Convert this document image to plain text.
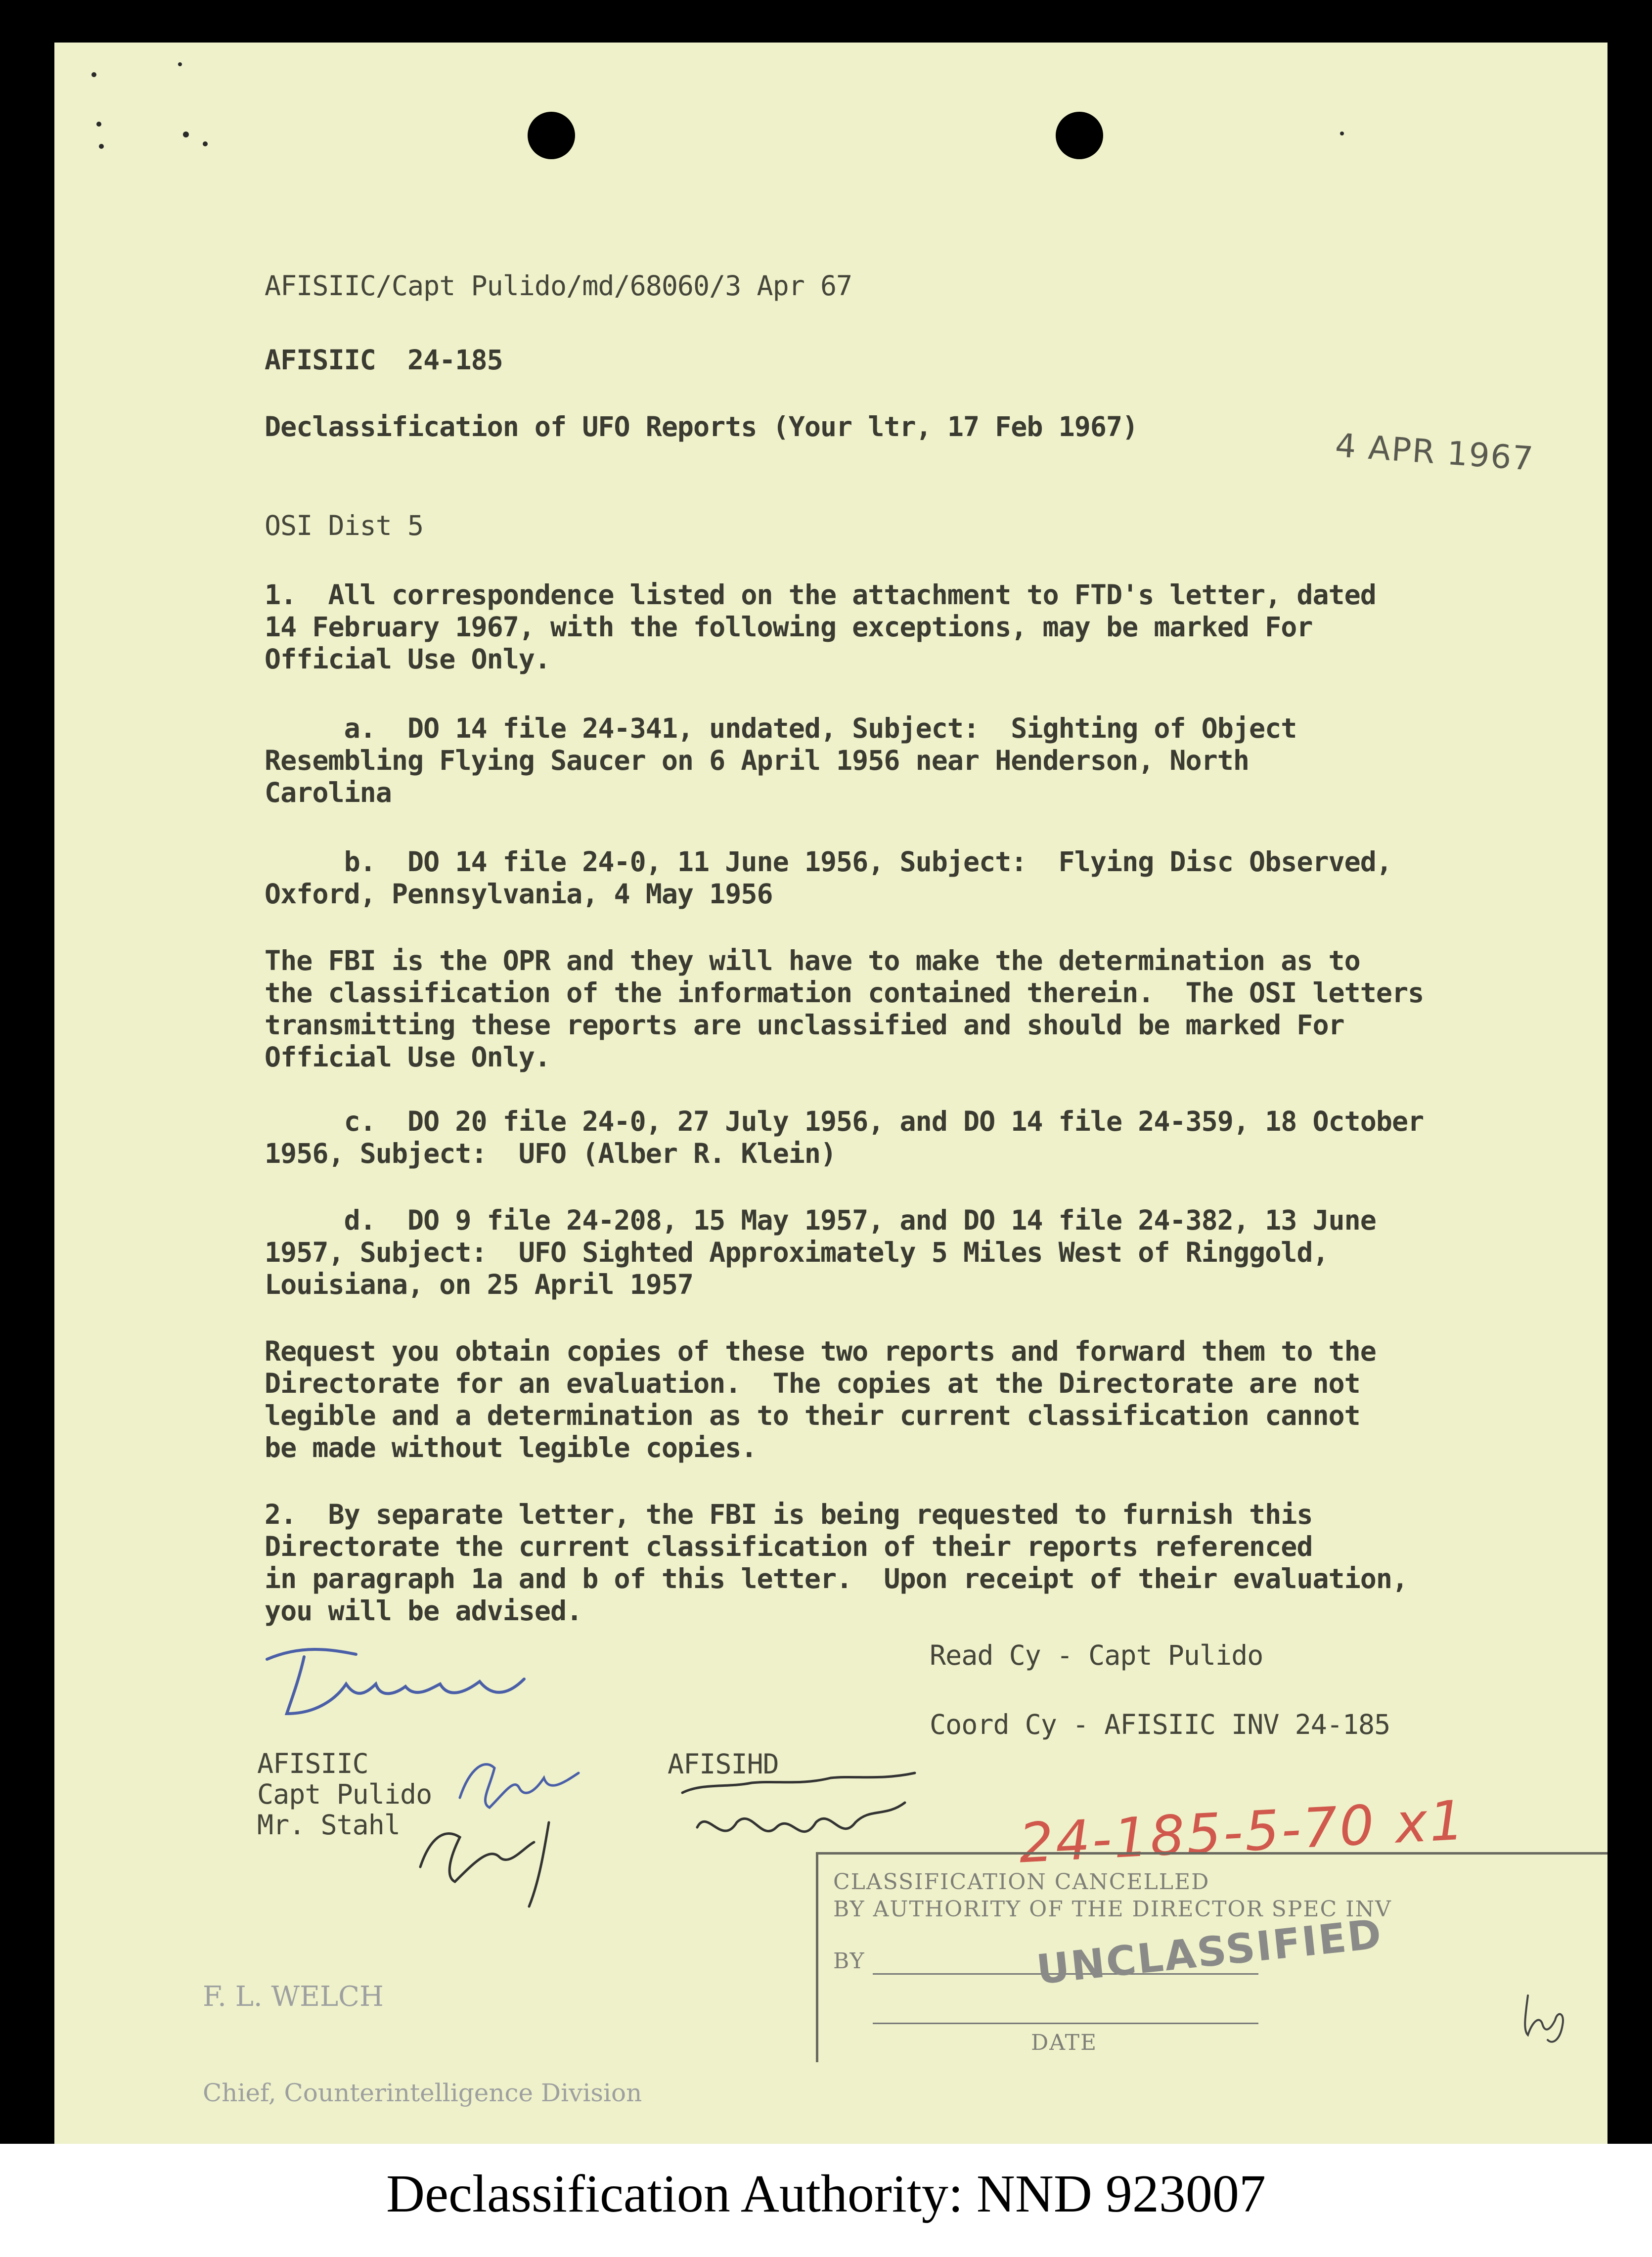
AFISIIC/Capt Pulido/md/68060/3 Apr 67
AFISIIC  24-185
Declassification of UFO Reports (Your ltr, 17 Feb 1967)	4 APR 1967
OSI Dist 5
1.  All correspondence listed on the attachment to FTD's letter, dated
14 February 1967, with the following exceptions, may be marked For
Official Use Only.
a.  DO 14 file 24-341, undated, Subject:  Sighting of Object
Resembling Flying Saucer on 6 April 1956 near Henderson, North
Carolina
b.  DO 14 file 24-0, 11 June 1956, Subject:  Flying Disc Observed,
Oxford, Pennsylvania, 4 May 1956
The FBI is the OPR and they will have to make the determination as to
the classification of the information contained therein.  The OSI letters
transmitting these reports are unclassified and should be marked For
Official Use Only.
c.  DO 20 file 24-0, 27 July 1956, and DO 14 file 24-359, 18 October
1956, Subject:  UFO (Alber R. Klein)
d.  DO 9 file 24-208, 15 May 1957, and DO 14 file 24-382, 13 June
1957, Subject:  UFO Sighted Approximately 5 Miles West of Ringgold,
Louisiana, on 25 April 1957
Request you obtain copies of these two reports and forward them to the
Directorate for an evaluation.  The copies at the Directorate are not
legible and a determination as to their current classification cannot
be made without legible copies.
2.  By separate letter, the FBI is being requested to furnish this
Directorate the current classification of their reports referenced
in paragraph 1a and b of this letter.  Upon receipt of their evaluation,
you will be advised.
Read Cy - Capt Pulido
Coord Cy - AFISIIC INV 24-185
AFISIIC
Capt Pulido
Mr. Stahl
AFISIHD
24-185-5-70 x1

F. L. WELCH

Chief, Counterintelligence Division

CLASSIFICATION CANCELLED
BY AUTHORITY OF THE DIRECTOR SPEC INV
BY	UNCLASSIFIED
DATE
Declassification Authority: NND 923007
